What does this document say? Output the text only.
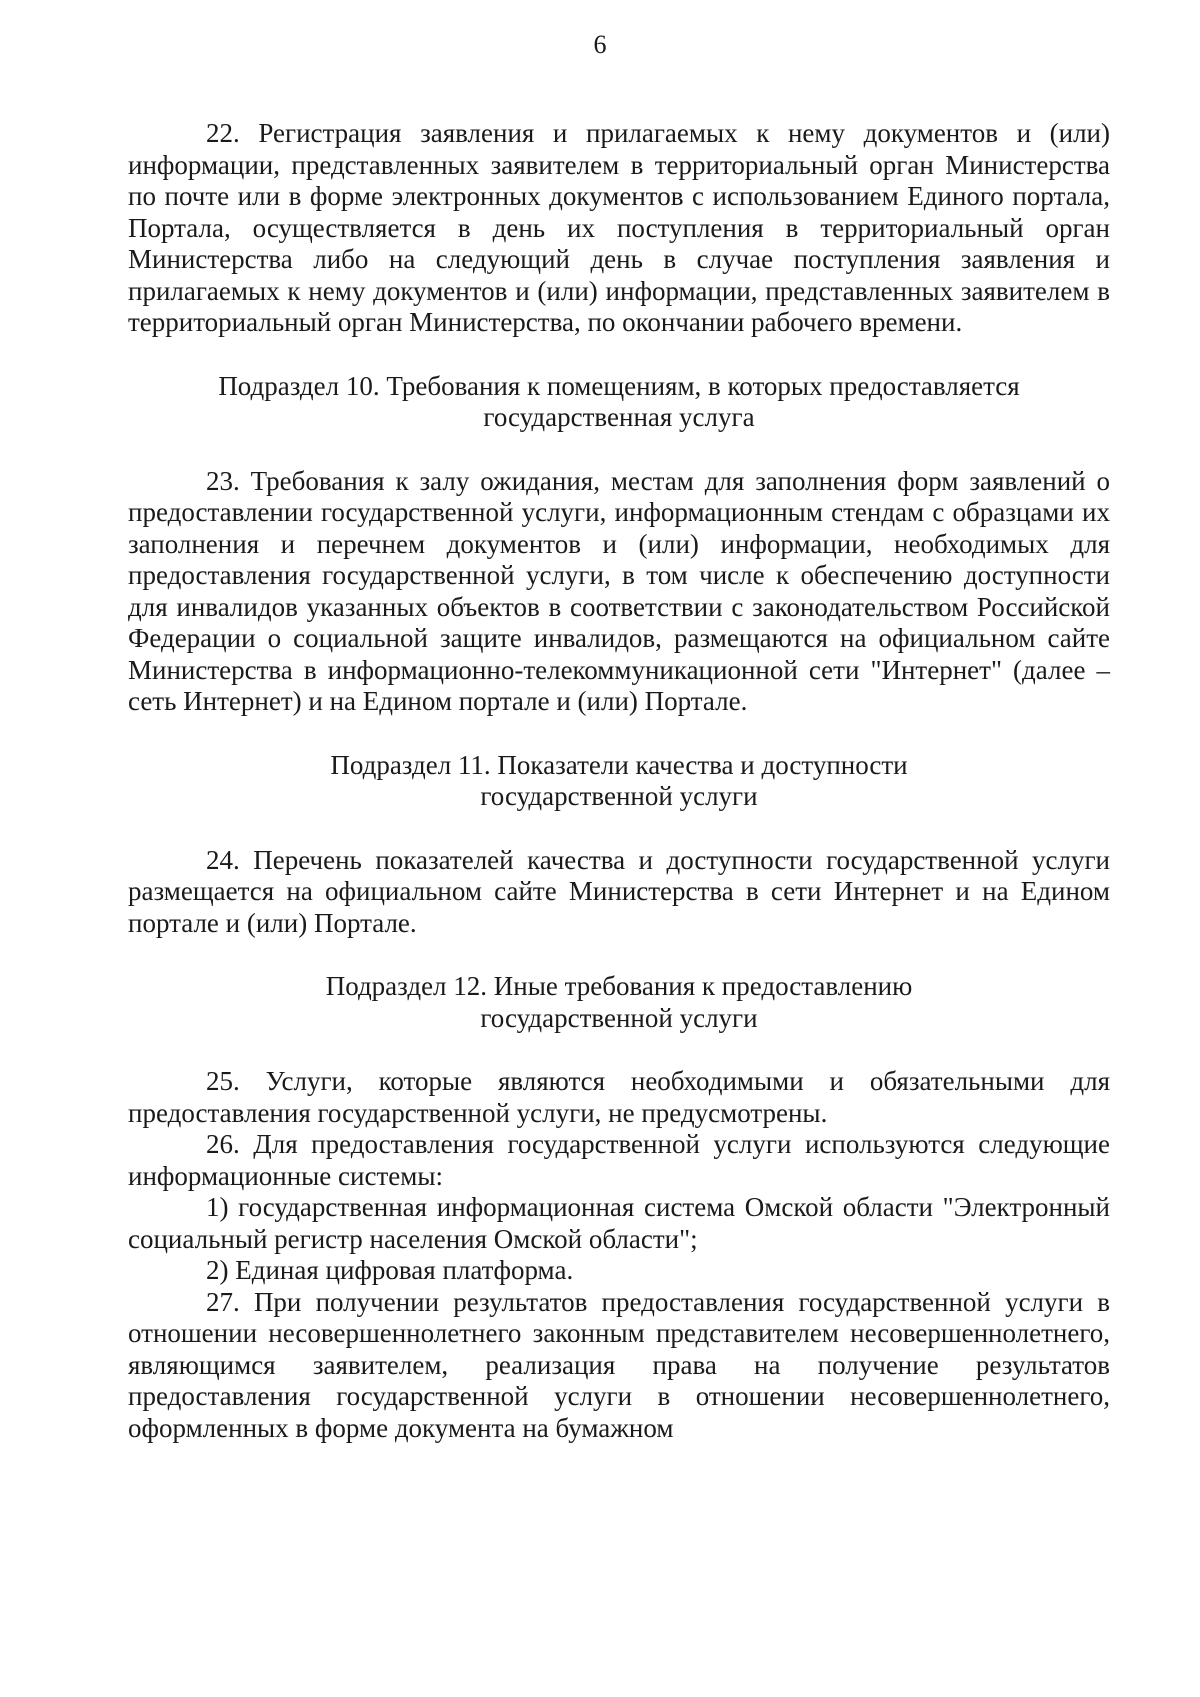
6

22. Регистрация заявления и прилагаемых к нему документов и (или) информации, представленных заявителем в территориальный орган Министерства по почте или в форме электронных документов с использованием Единого портала, Портала, осуществляется в день их поступления в территориальный орган Министерства либо на следующий день в случае поступления заявления и прилагаемых к нему документов и (или) информации, представленных заявителем в территориальный орган Министерства, по окончании рабочего времени.

Подраздел 10. Требования к помещениям, в которых предоставляется
государственная услуга

23. Требования к залу ожидания, местам для заполнения форм заявлений о предоставлении государственной услуги, информационным стендам с образцами их заполнения и перечнем документов и (или) информации, необходимых для предоставления государственной услуги, в том числе к обеспечению доступности для инвалидов указанных объектов в соответствии с законодательством Российской Федерации о социальной защите инвалидов, размещаются на официальном сайте Министерства в информационно-телекоммуникационной сети "Интернет" (далее – сеть Интернет) и на Едином портале и (или) Портале.

Подраздел 11. Показатели качества и доступности
государственной услуги

24. Перечень показателей качества и доступности государственной услуги размещается на официальном сайте Министерства в сети Интернет и на Едином портале и (или) Портале.

Подраздел 12. Иные требования к предоставлению
государственной услуги

25. Услуги, которые являются необходимыми и обязательными для предоставления государственной услуги, не предусмотрены.

26. Для предоставления государственной услуги используются следующие информационные системы:

1) государственная информационная система Омской области "Электронный социальный регистр населения Омской области";

2) Единая цифровая платформа.

27. При получении результатов предоставления государственной услуги в отношении несовершеннолетнего законным представителем несовершеннолетнего, являющимся заявителем, реализация права на получение результатов предоставления государственной услуги в отношении несовершеннолетнего, оформленных в форме документа на бумажном
